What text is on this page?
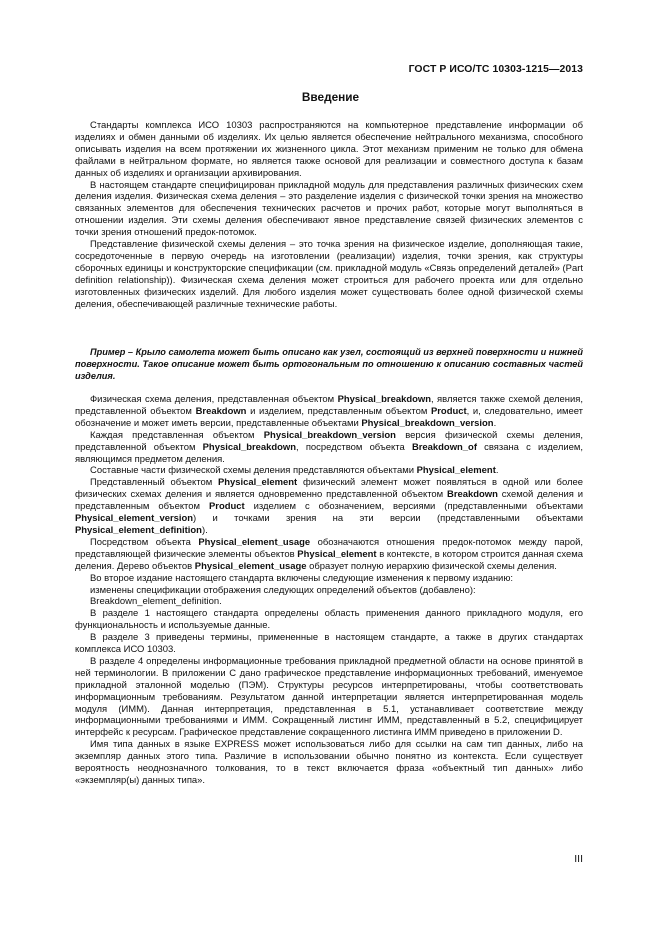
ГОСТ Р ИСО/ТС 10303-1215—2013
Введение

Стандарты комплекса ИСО 10303 распространяются на компьютерное представление информации об изделиях и обмен данными об изделиях. Их целью является обеспечение нейтрального механизма, способного описывать изделия на всем протяжении их жизненного цикла. Этот механизм применим не только для обмена файлами в нейтральном формате, но является также основой для реализации и совместного доступа к базам данных об изделиях и организации архивирования.

В настоящем стандарте специфицирован прикладной модуль для представления различных физических схем деления изделия. Физическая схема деления – это разделение изделия с физической точки зрения на множество связанных элементов для обеспечения технических расчетов и прочих работ, которые могут выполняться в отношении изделия. Эти схемы деления обеспечивают явное представление связей физических элементов с точки зрения отношений предок-потомок.

Представление физической схемы деления – это точка зрения на физическое изделие, дополняющая такие, сосредоточенные в первую очередь на изготовлении (реализации) изделия, точки зрения, как структуры сборочных единицы и конструкторские спецификации (см. прикладной модуль «Связь определений деталей» (Part definition relationship)). Физическая схема деления может строиться для рабочего проекта или для отдельно изготовленных физических изделий. Для любого изделия может существовать более одной физической схемы деления, обеспечивающей различные технические работы.

Пример – Крыло самолета может быть описано как узел, состоящий из верхней поверхности и нижней поверхности. Такое описание может быть ортогональным по отношению к описанию составных частей изделия.

Физическая схема деления, представленная объектом Physical_breakdown, является также схемой деления, представленной объектом Breakdown и изделием, представленным объектом Product, и, следовательно, имеет обозначение и может иметь версии, представленные объектами Physical_breakdown_version.

Каждая представленная объектом Physical_breakdown_version версия физической схемы деления, представленной объектом Physical_breakdown, посредством объекта Breakdown_of связана с изделием, являющимся предметом деления.

Составные части физической схемы деления представляются объектами Physical_element.

Представленный объектом Physical_element физический элемент может появляться в одной или более физических схемах деления и является одновременно представленной объектом Breakdown схемой деления и представленным объектом Product изделием с обозначением, версиями (представленными объектами Physical_element_version) и точками зрения на эти версии (представленными объектами Physical_element_definition).

Посредством объекта Physical_element_usage обозначаются отношения предок-потомок между парой, представляющей физические элементы объектов Physical_element в контексте, в котором строится данная схема деления. Дерево объектов Physical_element_usage образует полную иерархию физической схемы деления.

Во второе издание настоящего стандарта включены следующие изменения к первому изданию:

изменены спецификации отображения следующих определений объектов (добавлено):

Breakdown_element_definition.

В разделе 1 настоящего стандарта определены область применения данного прикладного модуля, его функциональность и используемые данные.

В разделе 3 приведены термины, примененные в настоящем стандарте, а также в других стандартах комплекса ИСО 10303.

В разделе 4 определены информационные требования прикладной предметной области на основе принятой в ней терминологии. В приложении С дано графическое представление информационных требований, именуемое прикладной эталонной моделью (ПЭМ). Структуры ресурсов интерпретированы, чтобы соответствовать информационным требованиям. Результатом данной интерпретации является интерпретированная модель модуля (ИММ). Данная интерпретация, представленная в 5.1, устанавливает соответствие между информационными требованиями и ИММ. Сокращенный листинг ИММ, представленный в 5.2, специфицирует интерфейс к ресурсам. Графическое представление сокращенного листинга ИММ приведено в приложении D.

Имя типа данных в языке EXPRESS может использоваться либо для ссылки на сам тип данных, либо на экземпляр данных этого типа. Различие в использовании обычно понятно из контекста. Если существует вероятность неоднозначного толкования, то в текст включается фраза «объектный тип данных» либо «экземпляр(ы) данных типа».

III
